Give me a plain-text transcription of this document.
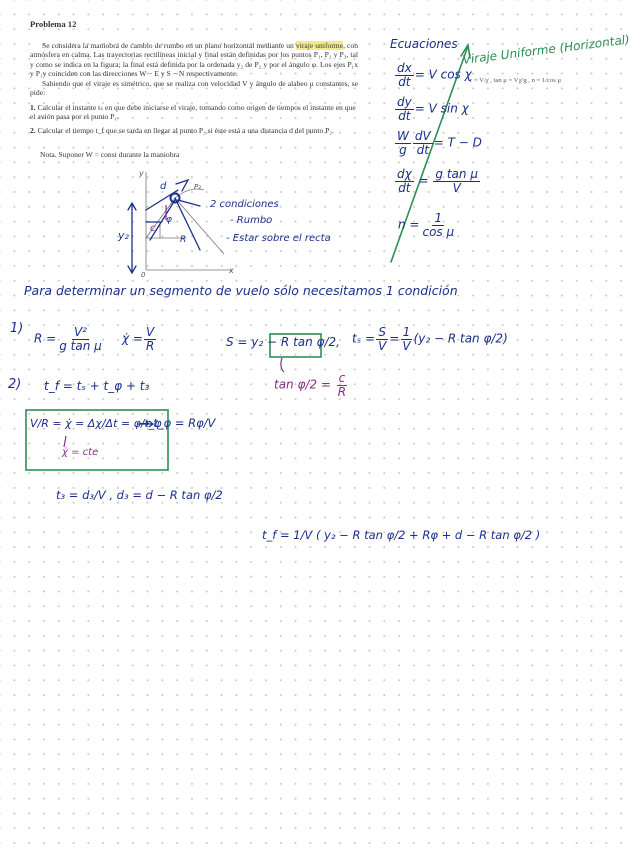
Problema 12
Se considera la maniobra de cambio de rumbo en un plano horizontal mediante un viraje uniforme, con atmósfera en calma. Las trayectorias rectilíneas inicial y final están definidas por los puntos P₁, P₂ y P₃, tal y como se indica en la figura; la final está definida por la ordenada y₂ de P₂ y por el ángulo φ. Los ejes P₁x y P₁y coinciden con las direcciones W − E y S − N respectivamente.
Sabiendo que el viraje es simétrico, que se realiza con velocidad V y ángulo de alabeo μ constantes, se pide:
1. Calcular el instante tₛ en que debe iniciarse el viraje, tomando como origen de tiempos el instante en que el avión pasa por el punto P₁.
2. Calcular el tiempo t_f que se tarda en llegar al punto P₃ si éste está a una distancia d del punto P₂.
Nota. Suponer W = const durante la maniobra
r = V/χ̇ , tan μ = Vχ̇/g , n = 1/cos μ
y
x
0
y₂
c
d
φ
R
P₂
2 condiciones
- Rumbo
- Estar sobre el recta
Ecuaciones Viraje Uniforme (Horizontal)
$\frac{dx}{dt} = V$ cos χ
$\frac{dy}{dt} = V$ sin χ
$\frac{W}{g} \frac{dV}{dt} = T - D$
$\frac{d\chi}{dt} = \frac{\text{g tan μ}}{V}$
$n = \frac{1}{\text{cos μ}}$
Para determinar un segmento de vuelo sólo necesitamos 1 condición
1)
$R = \frac{\text{V²}}{\text{g tan μ}}$ χ̇ = $\frac{V}{R}$	S = y₂ − R tan φ/2, $t_s = \frac{S}{V} = \frac{1}{V} (y_2 - R$ tan φ/2)
$\tan \varphi/2 = \frac{c}{R}$
2) t_f = tₛ + t_φ + t₃
V/R = χ̇ = Δχ/Δt = φ/t_φ
χ̇ = cte
→ t_φ = Rφ/V
t₃ = d₃/V , d₃ = d − R tan φ/2
t_f = 1/V ( y₂ − R tan φ/2 + Rφ + d − R tan φ/2 )
